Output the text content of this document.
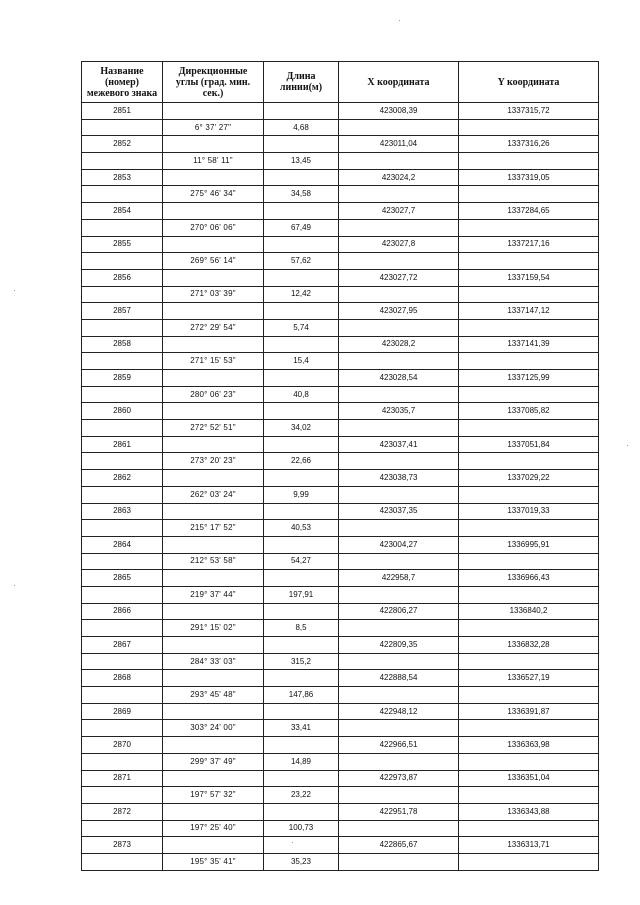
Название (номер) межевого знака	Дирекционные углы (град. мин. сек.)	Длина линии(м)	X координата	Y координата
2851			423008,39	1337315,72
	6° 37' 27"	4,68		
2852			423011,04	1337316,26
	11° 58' 11"	13,45		
2853			423024,2	1337319,05
	275° 46' 34"	34,58		
2854			423027,7	1337284,65
	270° 06' 06"	67,49		
2855			423027,8	1337217,16
	269° 56' 14"	57,62		
2856			423027,72	1337159,54
	271° 03' 39"	12,42		
2857			423027,95	1337147,12
	272° 29' 54"	5,74		
2858			423028,2	1337141,39
	271° 15' 53"	15,4		
2859			423028,54	1337125,99
	280° 06' 23"	40,8		
2860			423035,7	1337085,82
	272° 52' 51"	34,02		
2861			423037,41	1337051,84
	273° 20' 23"	22,66		
2862			423038,73	1337029,22
	262° 03' 24"	9,99		
2863			423037,35	1337019,33
	215° 17' 52"	40,53		
2864			423004,27	1336995,91
	212° 53' 58"	54,27		
2865			422958,7	1336966,43
	219° 37' 44"	197,91		
2866			422806,27	1336840,2
	291° 15' 02"	8,5		
2867			422809,35	1336832,28
	284° 33' 03"	315,2		
2868			422888,54	1336527,19
	293° 45' 48"	147,86		
2869			422948,12	1336391,87
	303° 24' 00"	33,41		
2870			422966,51	1336363,98
	299° 37' 49"	14,89		
2871			422973,87	1336351,04
	197° 57' 32"	23,22		
2872			422951,78	1336343,88
	197° 25' 40"	100,73		
2873			422865,67	1336313,71
	195° 35' 41"	35,23		
